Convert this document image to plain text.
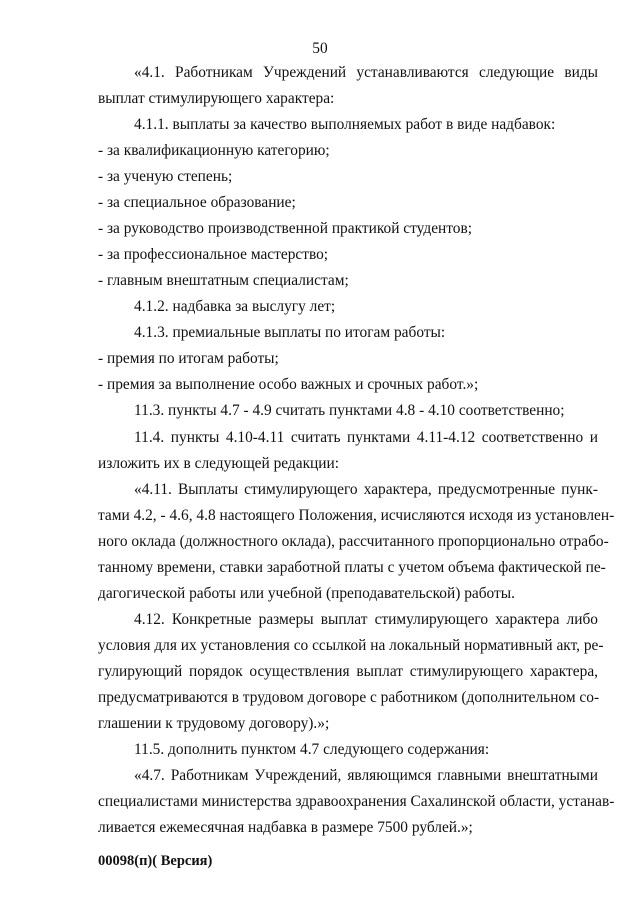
50
«4.1. Работникам Учреждений устанавливаются следующие виды
выплат стимулирующего характера:
4.1.1. выплаты за качество выполняемых работ в виде надбавок:
- за квалификационную категорию;
- за ученую степень;
- за специальное образование;
- за руководство производственной практикой студентов;
- за профессиональное мастерство;
- главным внештатным специалистам;
4.1.2. надбавка за выслугу лет;
4.1.3. премиальные выплаты по итогам работы:
- премия по итогам работы;
- премия за выполнение особо важных и срочных работ.»;
11.3. пункты 4.7 - 4.9 считать пунктами 4.8 - 4.10 соответственно;
11.4. пункты 4.10-4.11 считать пунктами 4.11-4.12 соответственно и
изложить их в следующей редакции:
«4.11. Выплаты стимулирующего характера, предусмотренные пунк-
тами 4.2, - 4.6, 4.8 настоящего Положения, исчисляются исходя из установлен-
ного оклада (должностного оклада), рассчитанного пропорционально отрабо-
танному времени, ставки заработной платы с учетом объема фактической пе-
дагогической работы или учебной (преподавательской) работы.
4.12. Конкретные размеры выплат стимулирующего характера либо
условия для их установления со ссылкой на локальный нормативный акт, ре-
гулирующий порядок осуществления выплат стимулирующего характера,
предусматриваются в трудовом договоре с работником (дополнительном со-
глашении к трудовому договору).»;
11.5. дополнить пунктом 4.7 следующего содержания:
«4.7. Работникам Учреждений, являющимся главными внештатными
специалистами министерства здравоохранения Сахалинской области, устанав-
ливается ежемесячная надбавка в размере 7500 рублей.»;
00098(п)( Версия)
